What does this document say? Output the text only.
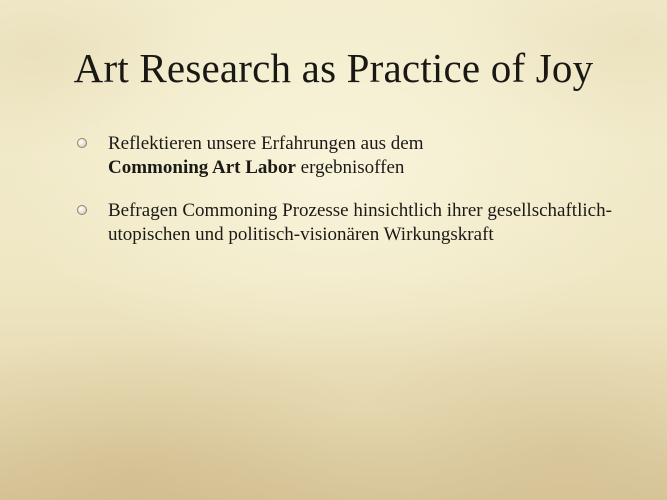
Art Research as Practice of Joy
Reflektieren unsere Erfahrungen aus dem
Commoning Art Labor ergebnisoffen
Befragen Commoning Prozesse hinsichtlich ihrer gesellschaftlich-utopischen und politisch-visionären Wirkungskraft
